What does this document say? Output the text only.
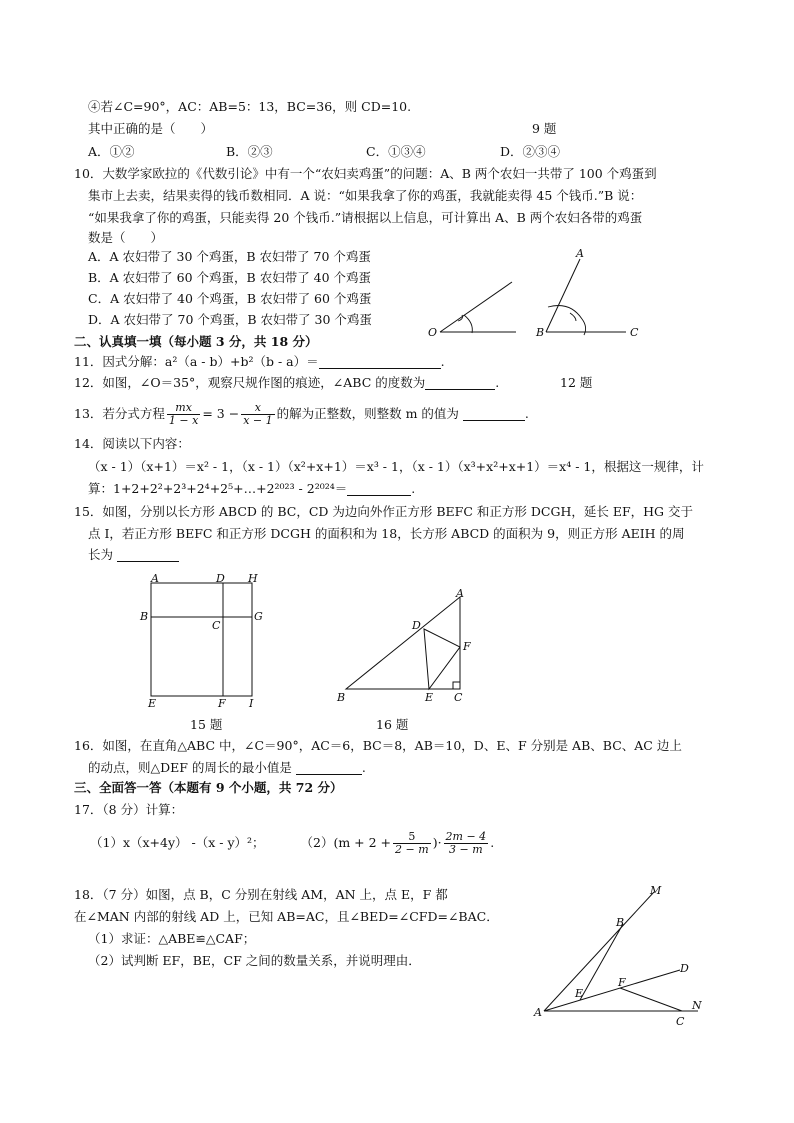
④若∠C=90°，AC：AB=5：13，BC=36，则 CD=10.
其中正确的是（　　）	9 题
A．①②	B．②③	C．①③④	D．②③④
10．大数学家欧拉的《代数引论》中有一个“农妇卖鸡蛋”的问题：A、B 两个农妇一共带了 100 个鸡蛋到
集市上去卖，结果卖得的钱币数相同．A 说：“如果我拿了你的鸡蛋，我就能卖得 45 个钱币.”B 说：
“如果我拿了你的鸡蛋，只能卖得 20 个钱币.”请根据以上信息，可计算出 A、B 两个农妇各带的鸡蛋
数是（　　）
A．A 农妇带了 30 个鸡蛋，B 农妇带了 70 个鸡蛋
B．A 农妇带了 60 个鸡蛋，B 农妇带了 40 个鸡蛋
C．A 农妇带了 40 个鸡蛋，B 农妇带了 60 个鸡蛋
D．A 农妇带了 70 个鸡蛋，B 农妇带了 30 个鸡蛋
A
O	B	C
二、认真填一填（每小题 3 分，共 18 分）
11．因式分解：a²（a - b）+b²（b - a）＝	.
12．如图，∠O＝35°，观察尺规作图的痕迹，∠ABC 的度数为	.	12 题
13．若分式方程 $\frac{mx}{1 - x} = 3 - \frac{x}{x - 1}$ 的解为正整数，则整数 m 的值为	.
14．阅读以下内容：
（x - 1）（x+1）＝x² - 1，（x - 1）（x²+x+1）＝x³ - 1，（x - 1）（x³+x²+x+1）＝x⁴ - 1，根据这一规律，计
算：1+2+2²+2³+2⁴+2⁵+…+2²⁰²³ - 2²⁰²⁴＝	.
15．如图，分别以长方形 ABCD 的 BC，CD 为边向外作正方形 BEFC 和正方形 DCGH，延长 EF，HG 交于
点 I，若正方形 BEFC 和正方形 DCGH 的面积和为 18，长方形 ABCD 的面积为 9，则正方形 AEIH 的周
长为
A	D H
B
C
G
E	F I
15 题
A
D
F
B	E C
16 题
16．如图，在直角△ABC 中，∠C＝90°，AC＝6，BC＝8，AB＝10，D、E、F 分别是 AB、BC、AC 边上
的动点，则△DEF 的周长的最小值是	.
三、全面答一答（本题有 9 个小题，共 72 分）
17．（8 分）计算：
（1）x（x+4y） -（x - y）²；	$(2)(m + 2 + \frac{5}{2 - m}$ )· $\frac{2m - 4}{3 - m}$ .
18．（7 分）如图，点 B，C 分别在射线 AM，AN 上，点 E，F 都
在∠MAN 内部的射线 AD 上，已知 AB=AC，且∠BED=∠CFD=∠BAC．
（1）求证：△ABE≌△CAF；
（2）试判断 EF，BE，CF 之间的数量关系，并说明理由．
M
B
D
F
E
N
A
C
